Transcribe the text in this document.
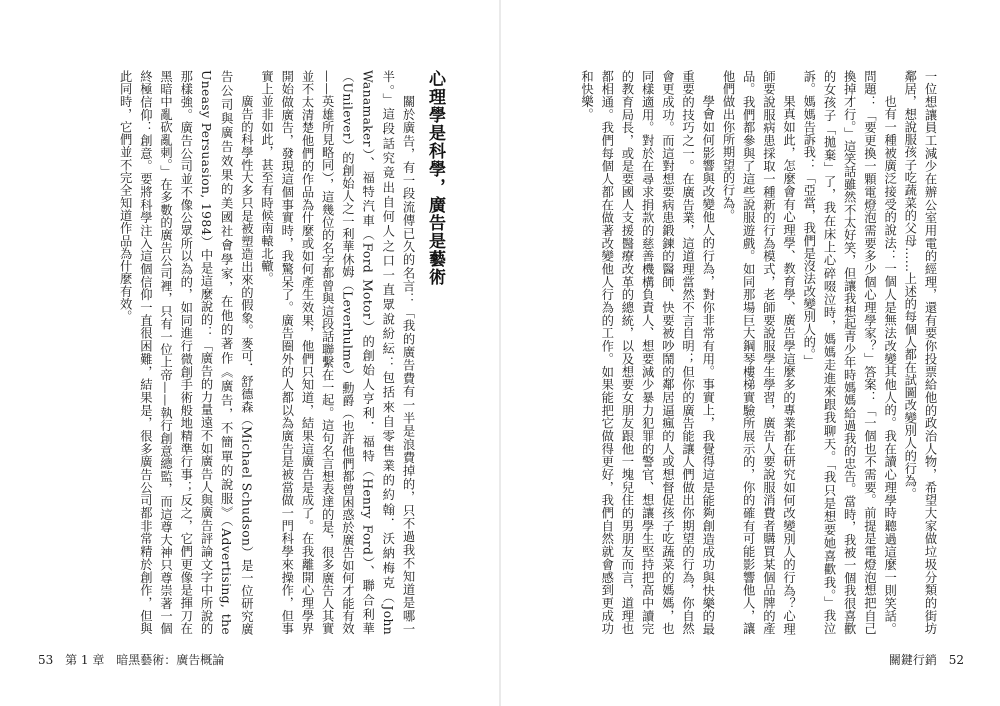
心理學是科學，廣告是藝術

關於廣告，有一段流傳已久的名言：「我的廣告費有一半是浪費掉的，只不過我不知道是哪一半。」這段話究竟出自何人之口一直眾說紛紜：包括來自零售業的約翰．沃納梅克（John Wanamaker）、福特汽車（Ford Motor）的創始人亨利．福特（Henry Ford）、聯合利華（Unilever）的創始人之一利華休姆（Leverhulme）勳爵（也許他們都曾困惑於廣告如何才能有效——英雄所見略同），這幾位的名字都曾與這段話聯繫在一起。這句名言想表達的是，很多廣告人其實並不太清楚他們的作品為什麼或如何產生效果，他們只知道，結果這廣告是成了。在我離開心理學界開始做廣告，發現這個事實時，我驚呆了。廣告圈外的人都以為廣告是被當做一門科學來操作，但事實上並非如此，甚至有時候南轅北轍。

廣告的科學性大多只是被塑造出來的假象。麥可．舒德森（Michael Schudson）是一位研究廣告公司與廣告效果的美國社會學家，在他的著作《廣告，不簡單的說服》（Advertising, the Uneasy Persuasion, 1984）中是這麼說的：「廣告的力量遠不如廣告人與廣告評論文字中所說的那樣強。廣告公司並不像公眾所以為的，如同進行微創手術般地精準行事；反之，它們更像是揮刀在黑暗中亂砍亂刺。」在多數的廣告公司裡，只有一位上帝——執行創意總監，而這尊大神只尊崇著一個終極信仰：創意。要將科學注入這個信仰一直很困難，結果是，很多廣告公司都非常精於創作，但與此同時，它們並不完全知道作品為什麼有效。

53 第 1 章 暗黑藝術：廣告概論

一位想讓員工減少在辦公室用電的經理，還有要你投票給他的政治人物，希望大家做垃圾分類的街坊鄰居，想說服孩子吃蔬菜的父母……上述的每個人都在試圖改變別人的行為。

也有一種被廣泛接受的說法：一個人是無法改變其他人的。我在讀心理學時聽過這麼一則笑話。問題：「要更換一顆電燈泡需要多少個心理學家？」答案：「一個也不需要。前提是電燈泡想把自己換掉才行。」這笑話雖然不太好笑，但讓我想起青少年時媽媽給過我的忠告。當時，我被一個我很喜歡的女孩子「拋棄」了，我在床上心碎啜泣時，媽媽走進來跟我聊天。「我只是想要她喜歡我。」我泣訴。媽媽告訴我：「亞當，我們是沒法改變別人的。」

果真如此，怎麼會有心理學、教育學、廣告學這麼多的專業都在研究如何改變別人的行為？心理師要說服病患採取一種新的行為模式，老師要說服學生學習，廣告人要說服消費者購買某個品牌的產品。我們都參與了這些說服遊戲。如同那場巨大鋼琴樓梯實驗所展示的，你的確有可能影響他人，讓他們做出你所期望的行為。

學會如何影響與改變他人的行為，對你非常有用。事實上，我覺得這是能夠創造成功與快樂的最重要的技巧之一。在廣告業，這道理當然不言自明；但你的廣告能讓人們做出你期望的行為，你自然會更成功。而這對想要病患鍛鍊的醫師、快要被吵鬧的鄰居逼瘋的人或想督促孩子吃蔬菜的媽媽，也同樣適用。對於在尋求捐款的慈善機構負責人、想要減少暴力犯罪的警官、想讓學生堅持把高中讀完的教育局長，或是要國人支援醫療改革的總統，以及想要女朋友跟他一塊兒住的男朋友而言，道理也都相通。我們每個人都在做著改變他人行為的工作。如果能把它做得更好，我們自然就會感到更成功和快樂。

關鍵行銷 52
